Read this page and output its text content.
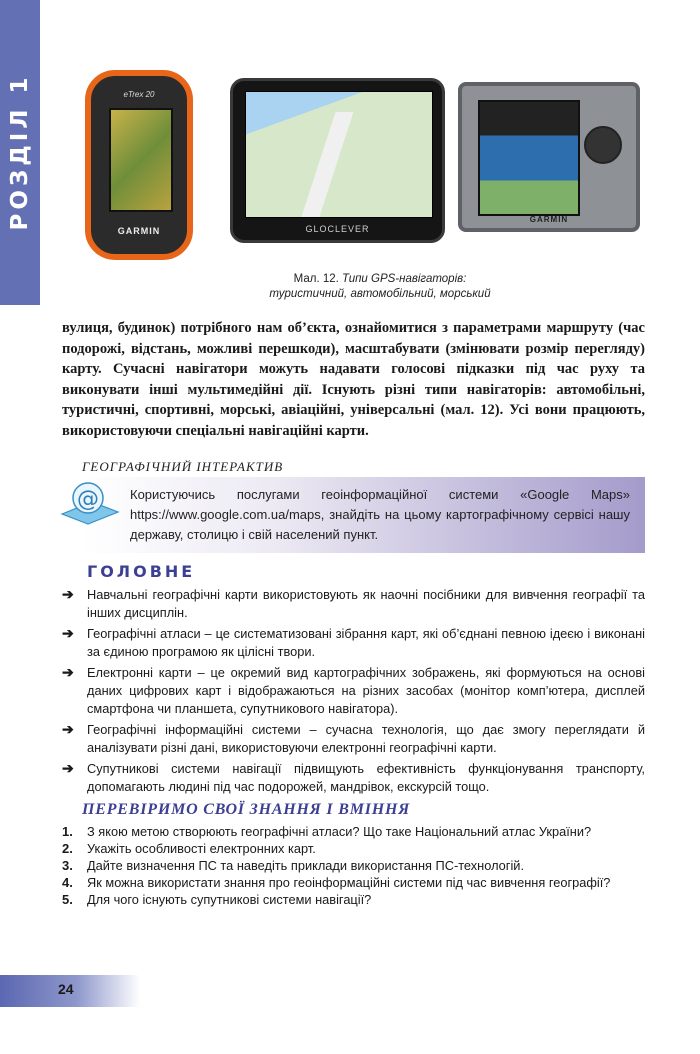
РОЗДІЛ 1	eTrex 20
GARMIN	GLOCLEVER
GARMIN
Мал. 12. Типи GPS-навігаторів:
туристичний, автомобільний, морський
вулиця, будинок) потрібного нам об’єкта, ознайомитися з параметрами маршруту (час подорожі, відстань, можливі перешкоди), масштабувати (змінювати розмір перегляду) карту. Сучасні навігатори можуть надавати голосові підказки під час руху та виконувати інші мультимедійні дії. Існують різні типи навігаторів: автомобільні, туристичні, спортивні, морські, авіаційні, універсальні (мал. 12). Усі вони працюють, використовуючи спеціальні навігаційні карти.
ГЕОГРАФІЧНИЙ ІНТЕРАКТИВ
Користуючись послугами геоінформаційної системи «Google Maps» https://www.google.com.ua/maps, знайдіть на цьому картографічному сервісі нашу державу, столицю і свій населений пункт.
@
ГОЛОВНЕ
➔ Навчальні географічні карти використовують як наочні посібники для вивчення географії та інших дисциплін.
➔ Географічні атласи – це систематизовані зібрання карт, які об’єднані певною ідеєю і виконані за єдиною програмою як цілісні твори.
➔ Електронні карти – це окремий вид картографічних зображень, які формуються на основі даних цифрових карт і відображаються на різних засобах (монітор комп’ютера, дисплей смартфона чи планшета, супутникового навігатора).
➔ Географічні інформаційні системи – сучасна технологія, що дає змогу переглядати й аналізувати різні дані, використовуючи електронні географічні карти.
➔ Супутникові системи навігації підвищують ефективність функціонування транспорту, допомагають людині під час подорожей, мандрівок, екскурсій тощо.
ПЕРЕВІРИМО СВОЇ ЗНАННЯ І ВМІННЯ
1. З якою метою створюють географічні атласи? Що таке Національний атлас України?
2. Укажіть особливості електронних карт.
3. Дайте визначення ПС та наведіть приклади використання ПС-технологій.
4. Як можна використати знання про геоінформаційні системи під час вивчення географії?
5. Для чого існують супутникові системи навігації?
24
